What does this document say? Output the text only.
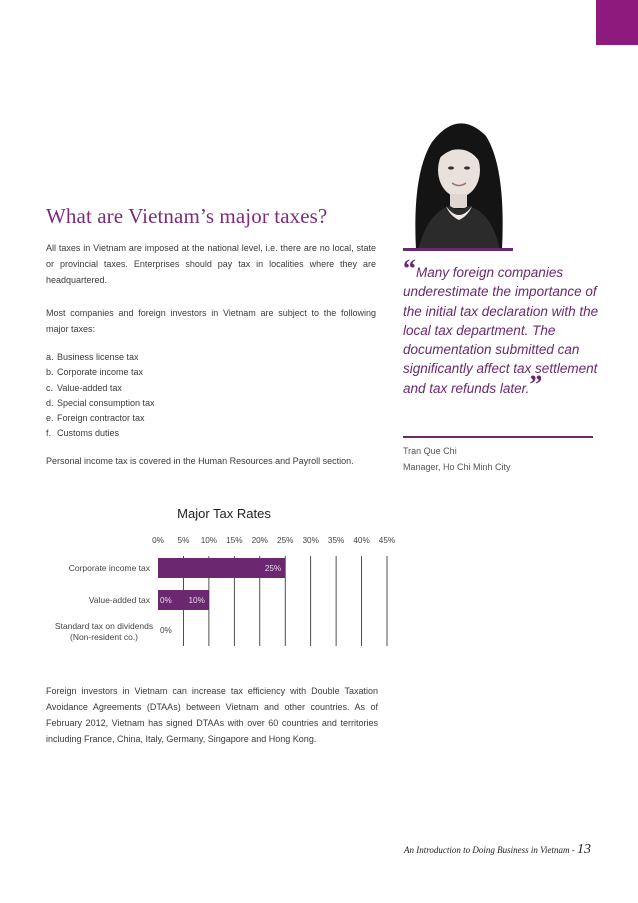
What are Vietnam’s major taxes?
All taxes in Vietnam are imposed at the national level, i.e. there are no local, state or provincial taxes. Enterprises should pay tax in localities where they are headquartered.
Most companies and foreign investors in Vietnam are subject to the following major taxes:
a. Business license tax
b. Corporate income tax
c. Value-added tax
d. Special consumption tax
e. Foreign contractor tax
f. Customs duties
Personal income tax is covered in the Human Resources and Payroll section.
“Many foreign companies underestimate the importance of the initial tax declaration with the local tax department. The documentation submitted can significantly affect tax settlement and tax refunds later.”
Tran Que Chi
Manager, Ho Chi Minh City
Major Tax Rates
0% 5% 10% 15% 20% 25% 30% 35% 40% 45%
25%
10%
0%
0%
Corporate income tax
Value-added tax
Standard tax on dividends (Non-resident co.)
Foreign investors in Vietnam can increase tax efficiency with Double Taxation Avoidance Agreements (DTAAs) between Vietnam and other countries. As of February 2012, Vietnam has signed DTAAs with over 60 countries and territories including France, China, Italy, Germany, Singapore and Hong Kong.
An Introduction to Doing Business in Vietnam - 13
